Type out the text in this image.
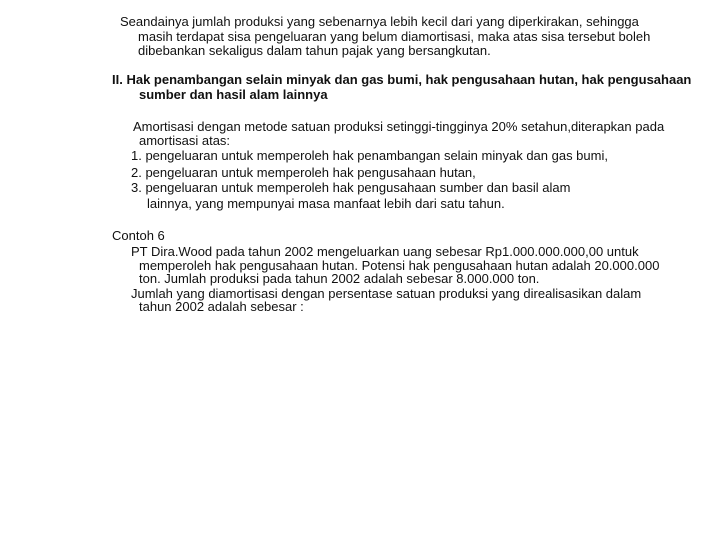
Seandainya jumlah produksi yang sebenarnya lebih kecil dari yang diperkirakan, sehingga
masih terdapat sisa pengeluaran yang belum diamortisasi, maka atas sisa tersebut boleh
dibebankan sekaligus dalam tahun pajak yang bersangkutan.
II. Hak penambangan selain minyak dan gas bumi, hak pengusahaan hutan, hak pengusahaan
sumber dan hasil alam lainnya
Amortisasi dengan metode satuan produksi setinggi-tingginya 20% setahun,diterapkan pada
amortisasi atas:
1. pengeluaran untuk memperoleh hak penambangan selain minyak dan gas bumi,
2. pengeluaran untuk memperoleh hak pengusahaan hutan,
3. pengeluaran untuk memperoleh hak pengusahaan sumber dan basil alam
lainnya, yang mempunyai masa manfaat lebih dari satu tahun.
Contoh 6
PT Dira.Wood pada tahun 2002 mengeluarkan uang sebesar Rp1.000.000.000,00 untuk
memperoleh hak pengusahaan hutan. Potensi hak pengusahaan hutan adalah 20.000.000
ton. Jumlah produksi pada tahun 2002 adalah sebesar 8.000.000 ton.
Jumlah yang diamortisasi dengan persentase satuan produksi yang direalisasikan dalam
tahun 2002 adalah sebesar :
